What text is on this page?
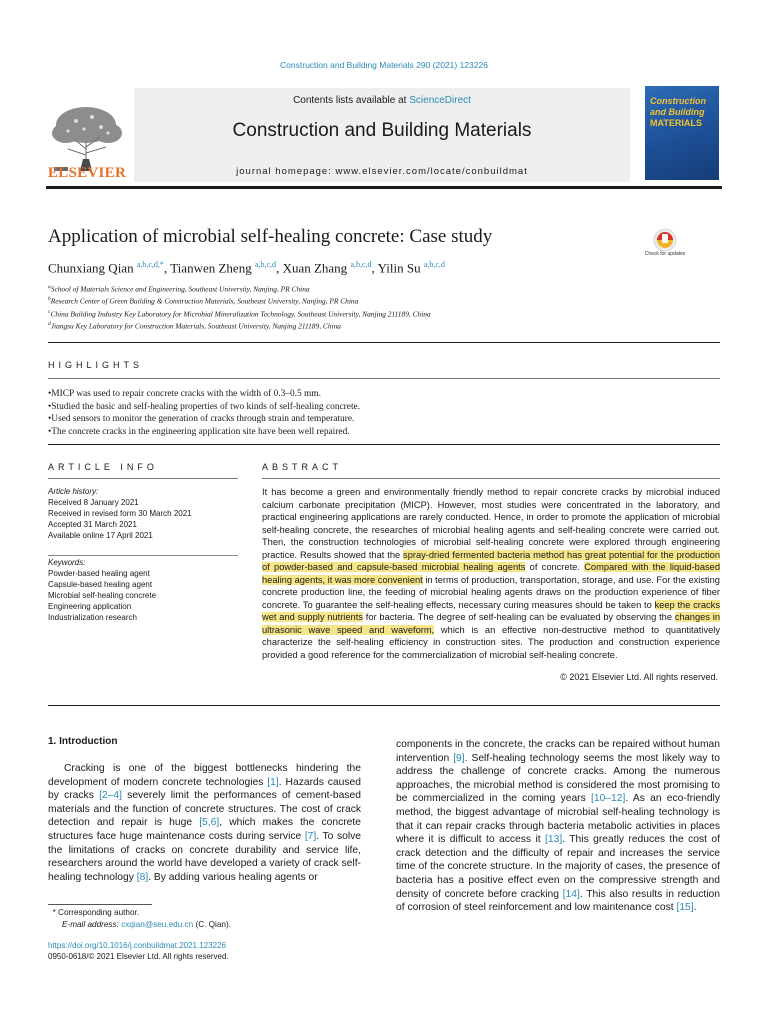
Construction and Building Materials 290 (2021) 123226
ELSEVIER
Contents lists available at ScienceDirect
Construction and Building Materials
journal homepage: www.elsevier.com/locate/conbuildmat
Construction
and Building
MATERIALS
Application of microbial self-healing concrete: Case study
Check for updates
Chunxiang Qian $^{a,b,c,d,*}$, Tianwen Zheng $^{a,b,c,d}$, Xuan Zhang $^{a,b,c,d}$, Yilin Su $^{a,b,c,d}$
$^a$School of Materials Science and Engineering, Southeast University, Nanjing, PR China
$^b$Research Center of Green Building & Construction Materials, Southeast University, Nanjing, PR China
$^c$China Building Industry Key Laboratory for Microbial Mineralization Technology, Southeast University, Nanjing 211189, China
$^d$Jiangsu Key Laboratory for Construction Materials, Southeast University, Nanjing 211189, China
HIGHLIGHTS
• MICP was used to repair concrete cracks with the width of 0.3–0.5 mm.
• Studied the basic and self-healing properties of two kinds of self-healing concrete.
• Used sensors to monitor the generation of cracks through strain and temperature.
• The concrete cracks in the engineering application site have been well repaired.
ARTICLE INFO	ABSTRACT
Article history:
Received 8 January 2021
Received in revised form 30 March 2021
Accepted 31 March 2021
Available online 17 April 2021
Keywords:
Powder-based healing agent
Capsule-based healing agent
Microbial self-healing concrete
Engineering application
Industrialization research
It has become a green and environmentally friendly method to repair concrete cracks by microbial induced calcium carbonate precipitation (MICP). However, most studies were concentrated in the laboratory, and practical engineering applications are rarely conducted. Hence, in order to promote the application of microbial self-healing concrete, the researches of microbial healing agents and self-healing concrete were carried out. Then, the construction technologies of microbial self-healing concrete were explored through engineering practice. Results showed that the spray-dried fermented bacteria method has great potential for the production of powder-based and capsule-based microbial healing agents of concrete. Compared with the liquid-based healing agents, it was more convenient in terms of production, transportation, storage, and use. For the existing concrete production line, the feeding of microbial healing agents draws on the production experience of fiber concrete. To guarantee the self-healing effects, necessary curing measures should be taken to keep the cracks wet and supply nutrients for bacteria. The degree of self-healing can be evaluated by observing the changes in ultrasonic wave speed and waveform, which is an effective non-destructive method to quantitatively characterize the self-healing efficiency in construction sites. The production and construction experience provided a good reference for the commercialization of microbial self-healing concrete.
© 2021 Elsevier Ltd. All rights reserved.
1. Introduction
Cracking is one of the biggest bottlenecks hindering the development of modern concrete technologies [1]. Hazards caused by cracks [2–4] severely limit the performances of cement-based materials and the function of concrete structures. The cost of crack detection and repair is huge [5,6], which makes the concrete structures face huge maintenance costs during service [7]. To solve the limitations of cracks on concrete durability and service life, researchers around the world have developed a variety of crack self-healing technology [8]. By adding various healing agents or
components in the concrete, the cracks can be repaired without human intervention [9]. Self-healing technology seems the most likely way to address the challenge of concrete cracks. Among the numerous approaches, the microbial method is considered the most promising to be commercialized in the coming years [10–12]. As an eco-friendly method, the biggest advantage of microbial self-healing technology is that it can repair cracks through bacteria metabolic activities in places where it is difficult to access it [13]. This greatly reduces the cost of crack detection and the difficulty of repair and increases the service time of the concrete structure. In the majority of cases, the presence of bacteria has a positive effect even on the compressive strength and density of concrete before cracking [14]. This also results in reduction of corrosion of steel reinforcement and low maintenance cost [15].
* Corresponding author.
E-mail address: cxqian@seu.edu.cn (C. Qian).
https://doi.org/10.1016/j.conbuildmat.2021.123226
0950-0618/© 2021 Elsevier Ltd. All rights reserved.
